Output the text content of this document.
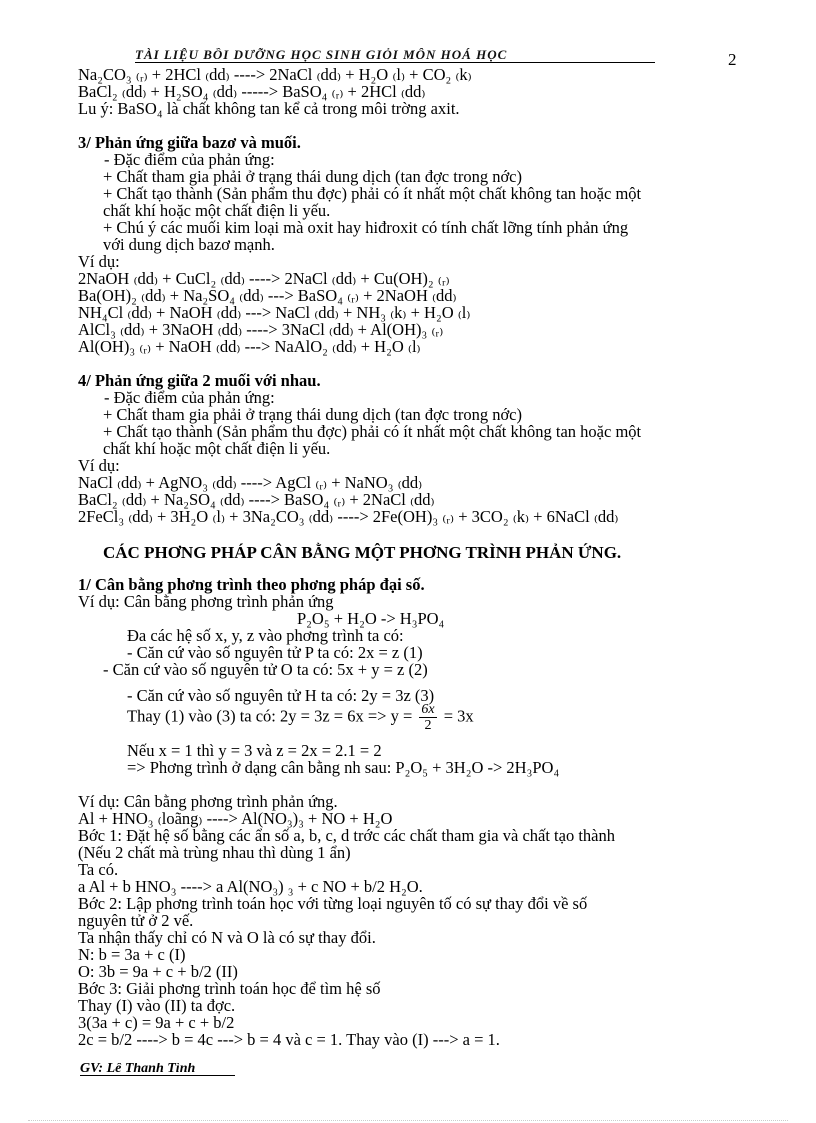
TÀI LIỆU BỒI DƯỠNG HỌC SINH GIỎI MÔN HOÁ HỌC	2
Na₂CO₃ ₍ᵣ₎ + 2HCl ₍dd₎ ----> 2NaCl ₍dd₎ + H₂O ₍l₎ + CO₂ ₍k₎
BaCl₂ ₍dd₎ + H₂SO₄ ₍dd₎ -----> BaSO₄ ₍ᵣ₎ + 2HCl ₍dd₎
Lu ý: BaSO₄ là chất không tan kể cả trong môi trờng axit.
3/ Phản ứng giữa bazơ và muối.
- Đặc điểm của phản ứng:
+ Chất tham gia phải ở trạng thái dung dịch (tan đợc trong nớc)
+ Chất tạo thành (Sản phẩm thu đợc) phải có ít nhất một chất không tan hoặc một
chất khí hoặc một chất điện li yếu.
+ Chú ý các muối kim loại mà oxit hay hiđroxit có tính chất lỡng tính phản ứng
với dung dịch bazơ mạnh.
Ví dụ:
2NaOH ₍dd₎ + CuCl₂ ₍dd₎ ----> 2NaCl ₍dd₎ + Cu(OH)₂ ₍ᵣ₎
Ba(OH)₂ ₍dd₎ + Na₂SO₄ ₍dd₎ ---> BaSO₄ ₍ᵣ₎ + 2NaOH ₍dd₎
NH₄Cl ₍dd₎ + NaOH ₍dd₎ ---> NaCl ₍dd₎ + NH₃ ₍k₎ + H₂O ₍l₎
AlCl₃ ₍dd₎ + 3NaOH ₍dd₎ ----> 3NaCl ₍dd₎ + Al(OH)₃ ₍ᵣ₎
Al(OH)₃ ₍ᵣ₎ + NaOH ₍dd₎ ---> NaAlO₂ ₍dd₎ + H₂O ₍l₎
4/ Phản ứng giữa 2 muối với nhau.
- Đặc điểm của phản ứng:
+ Chất tham gia phải ở trạng thái dung dịch (tan đợc trong nớc)
+ Chất tạo thành (Sản phẩm thu đợc) phải có ít nhất một chất không tan hoặc một
chất khí hoặc một chất điện li yếu.
Ví dụ:
NaCl ₍dd₎ + AgNO₃ ₍dd₎ ----> AgCl ₍ᵣ₎ + NaNO₃ ₍dd₎
BaCl₂ ₍dd₎ + Na₂SO₄ ₍dd₎ ----> BaSO₄ ₍ᵣ₎ + 2NaCl ₍dd₎
2FeCl₃ ₍dd₎ + 3H₂O ₍l₎ + 3Na₂CO₃ ₍dd₎ ----> 2Fe(OH)₃ ₍ᵣ₎ + 3CO₂ ₍k₎ + 6NaCl ₍dd₎
CÁC PHƠNG PHÁP CÂN BẰNG MỘT PHƠNG TRÌNH PHẢN ỨNG.
1/ Cân bằng phơng trình theo phơng pháp đại số.
Ví dụ: Cân bằng phơng trình phản ứng
P₂O₅ + H₂O -> H₃PO₄
Đa các hệ số x, y, z vào phơng trình ta có:
- Căn cứ vào số nguyên tử P ta có: 2x = z (1)
- Căn cứ vào số nguyên tử O ta có: 5x + y = z (2)
- Căn cứ vào số nguyên tử H ta có: 2y = 3z (3)
Thay (1) vào (3) ta có: $2y = 3z = 6x => y = \frac{6x}{2} = 3x$
Nếu x = 1 thì y = 3 và z = 2x = 2.1 = 2
=> Phơng trình ở dạng cân bằng nh sau: P₂O₅ + 3H₂O -> 2H₃PO₄
Ví dụ: Cân bằng phơng trình phản ứng.
Al + HNO₃ ₍loãng₎ ----> Al(NO₃)₃ + NO + H₂O
Bớc 1: Đặt hệ số bằng các ẩn số a, b, c, d trớc các chất tham gia và chất tạo thành
(Nếu 2 chất mà trùng nhau thì dùng 1 ẩn)
Ta có.
a Al + b HNO₃ ----> a Al(NO₃) ₃ + c NO + b/2 H₂O.
Bớc 2: Lập phơng trình toán học với từng loại nguyên tố có sự thay đổi về số
nguyên tử ở 2 vế.
Ta nhận thấy chỉ có N và O là có sự thay đổi.
N: b = 3a + c (I)
O: 3b = 9a + c + b/2 (II)
Bớc 3: Giải phơng trình toán học để tìm hệ số
Thay (I) vào (II) ta đợc.
3(3a + c) = 9a + c + b/2
2c = b/2 ----> b = 4c ---> b = 4 và c = 1. Thay vào (I) ---> a = 1.
GV: Lê Thanh Tình
